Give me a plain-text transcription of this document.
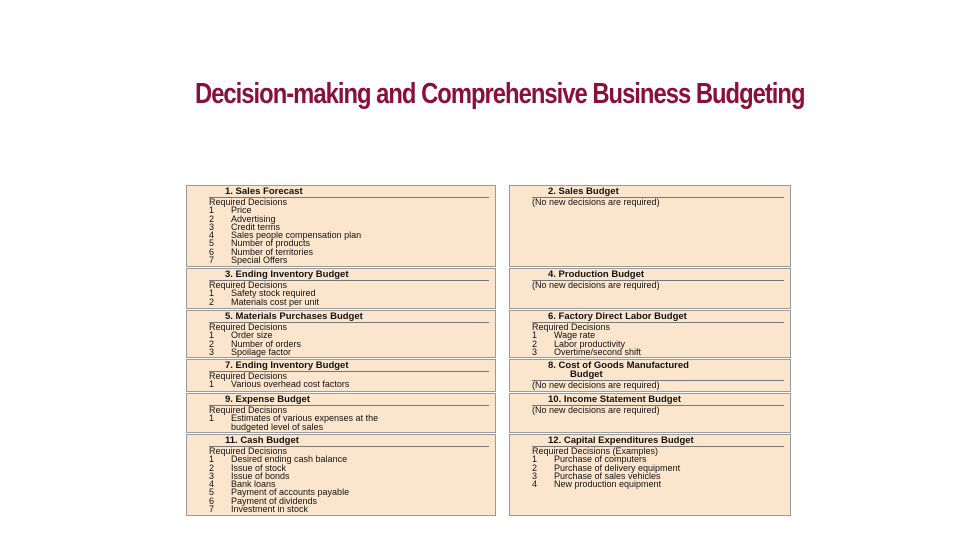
Decision-making and Comprehensive Business Budgeting
1. Sales Forecast
Required Decisions
1 Price
2 Advertising
3 Credit terms
4 Sales people compensation plan
5 Number of products
6 Number of territories
7 Special Offers
3. Ending Inventory Budget
Required Decisions
1 Safety stock required
2 Materials cost per unit
5. Materials Purchases Budget
Required Decisions
1 Order size
2 Number of orders
3 Spoilage factor
7. Ending Inventory Budget
Required Decisions
1 Various overhead cost factors
9. Expense Budget
Required Decisions
1 Estimates of various expenses at the
budgeted level of sales
11. Cash Budget
Required Decisions
1 Desired ending cash balance
2 Issue of stock
3 Issue of bonds
4 Bank loans
5 Payment of accounts payable
6 Payment of dividends
7 Investment in stock
2. Sales Budget
(No new decisions are required)
4. Production Budget
(No new decisions are required)
6. Factory Direct Labor Budget
Required Decisions
1 Wage rate
2 Labor productivity
3 Overtime/second shift
8. Cost of Goods Manufactured
Budget
(No new decisions are required)
10. Income Statement Budget
(No new decisions are required)
12. Capital Expenditures Budget
Required Decisions (Examples)
1 Purchase of computers
2 Purchase of delivery equipment
3 Purchase of sales vehicles
4 New production equipment
